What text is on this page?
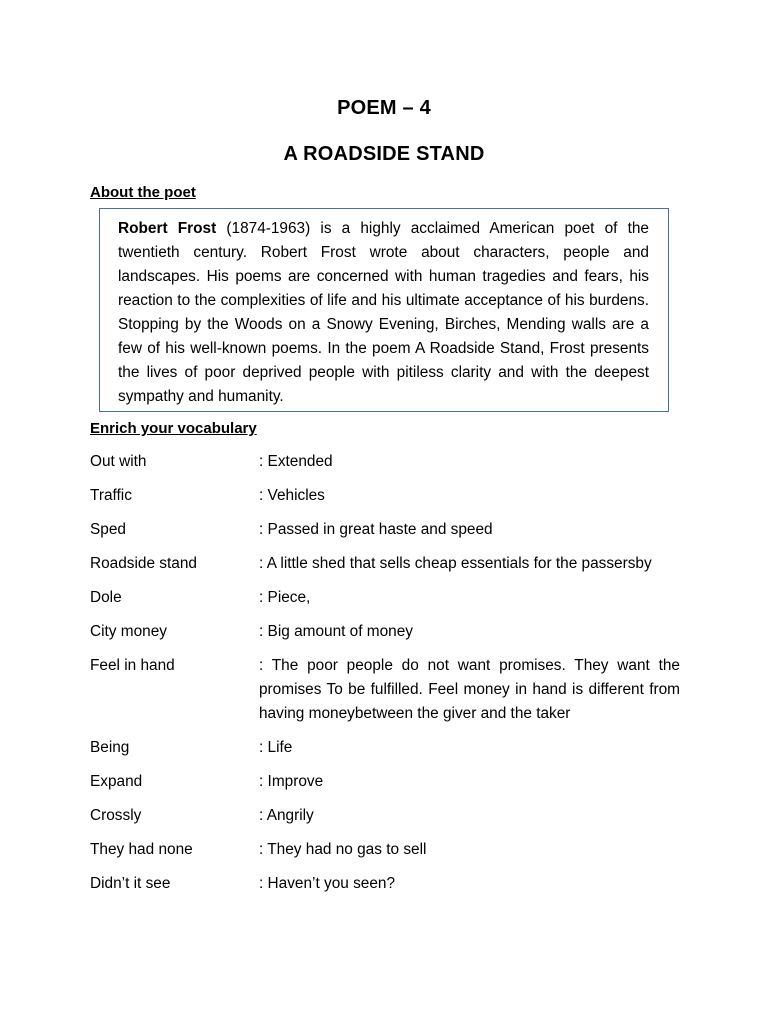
POEM – 4
A ROADSIDE STAND
About the poet

Robert Frost (1874-1963) is a highly acclaimed American poet of the twentieth century. Robert Frost wrote about characters, people and landscapes. His poems are concerned with human tragedies and fears, his reaction to the complexities of life and his ultimate acceptance of his burdens. Stopping by the Woods on a Snowy Evening, Birches, Mending walls are a few of his well-known poems. In the poem A Roadside Stand, Frost presents the lives of poor deprived people with pitiless clarity and with the deepest sympathy and humanity.

Enrich your vocabulary
Out with	: Extended
Traffic	: Vehicles
Sped	: Passed in great haste and speed
Roadside stand	: A little shed that sells cheap essentials for the passersby
Dole	: Piece,
City money	: Big amount of money
Feel in hand	: The poor people do not want promises. They want the promises To be fulfilled. Feel money in hand is different from having moneybetween the giver and the taker
Being	: Life
Expand	: Improve
Crossly	: Angrily
They had none	: They had no gas to sell
Didn’t it see	: Haven’t you seen?
